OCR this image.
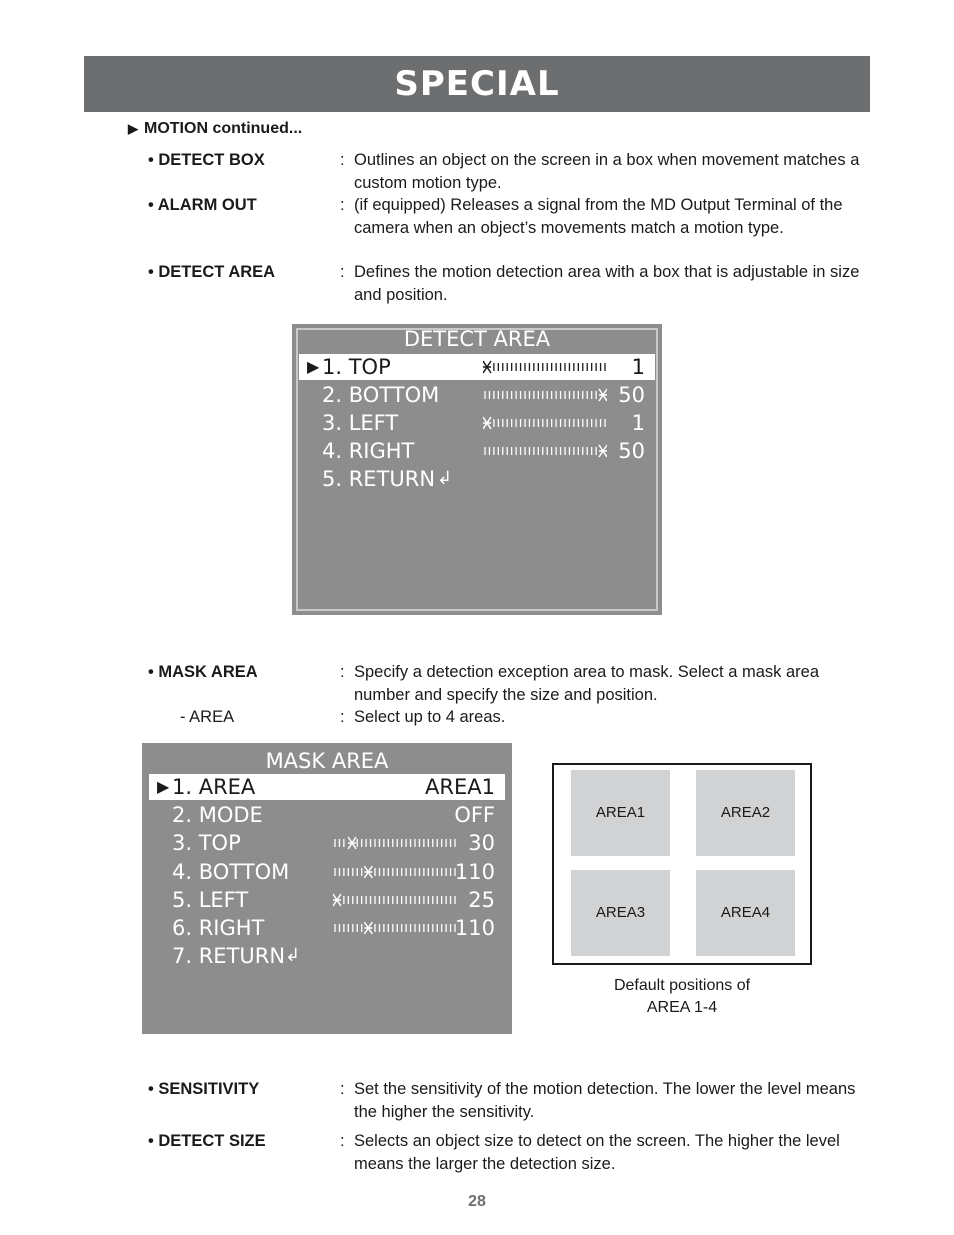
SPECIAL
▶ MOTION continued...
• DETECT BOX	: Outlines an object on the screen in a box when movement matches a custom motion type.
• ALARM OUT	: (if equipped) Releases a signal from the MD Output Terminal of the camera when an object’s movements match a motion type.
• DETECT AREA	: Defines the motion detection area with a box that is adjustable in size and position.
DETECT AREA
▶ 1. TOP	1
2. BOTTOM	50
3. LEFT	1
4. RIGHT	50
5. RETURN ↲
• MASK AREA	: Specify a detection exception area to mask. Select a mask area number and specify the size and position.
- AREA	: Select up to 4 areas.
MASK AREA
▶ 1. AREA	AREA1
2. MODE	OFF
3. TOP	30
4. BOTTOM	110
5. LEFT	25
6. RIGHT	110
7. RETURN ↲
AREA1	AREA2
AREA3	AREA4
Default positions of
AREA 1-4
• SENSITIVITY	: Set the sensitivity of the motion detection. The lower the level means the higher the sensitivity.
• DETECT SIZE	: Selects an object size to detect on the screen. The higher the level means the larger the detection size.
28
